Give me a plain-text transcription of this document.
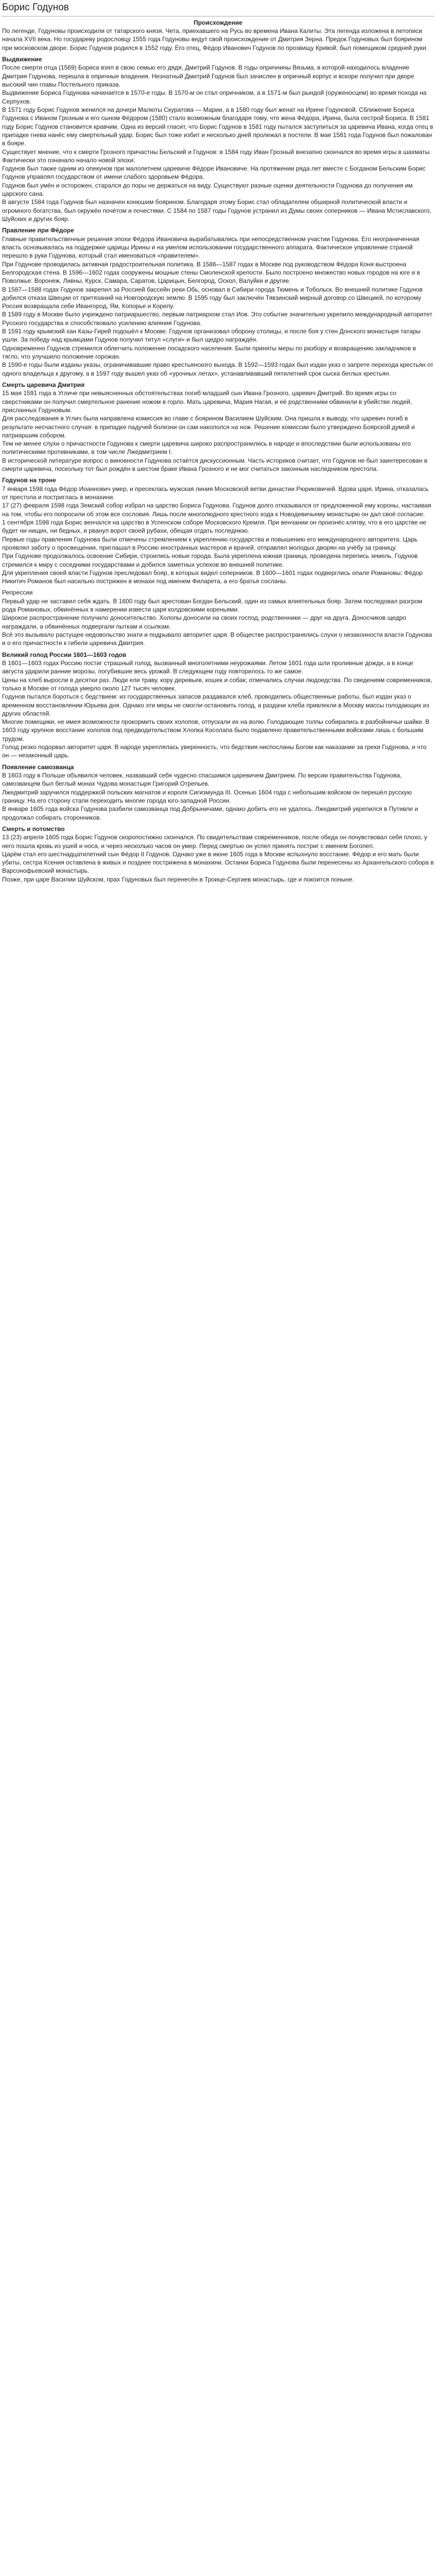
Борис Годунов
Происхождение

По легенде, Годуновы происходили от татарского князя. Чета, приехавшего на Русь во времена Ивана Калиты. Эта легенда изложена в летописи начала XVII века. Но государеву родословцу 1555 года Годуновы ведут свой происхождение от Дмитрия Зерна. Предок Годуновых был боярином при московском дворе. Борис Годунов родился в 1552 году. Его отец, Фёдор Иванович Годунов по прозвищу Кривой, был помещиком средней руки.

Выдвижение

После смерти отца (1569) Бориса взял в свою семью его дядя, Дмитрий Годунов. В годы опричнины Вязьма, в которой находилось владение Дмитрия Годунова, перешла в опричные владения. Незнатный Дмитрий Годунов был зачислен в опричный корпус и вскоре получил при дворе высокий чин главы Постельного приказа.

Выдвижение Бориса Годунова начинается в 1570-е годы. В 1570-м он стал опричником, а в 1571-м был рындой (оруженосцем) во время похода на Серпухов.

В 1571 году Борис Годунов женился на дочери Малюты Скуратова — Марии, а в 1580 году был женат на Ирине Годуновой. Сближение Бориса Годунова с Иваном Грозным и его сыном Фёдором (1580) стало возможным благодаря тому, что жена Фёдора, Ирина, была сестрой Бориса. В 1581 году Борис Годунов становится кравчим. Одна из версий гласит, что Борис Годунов в 1581 году пытался заступиться за царевича Ивана, когда отец в припадке гнева нанёс ему смертельный удар. Борис был тоже избит и несколько дней пролежал в постели. В мае 1581 года Годунов был пожалован в бояре.

Существует мнение, что к смерти Грозного причастны Бельский и Годунов: в 1584 году Иван Грозный внезапно скончался во время игры в шахматы. Фактически это означало начало новой эпохи.

Годунов был также одним из опекунов при малолетнем царевиче Фёдоре Ивановиче. На протяжении ряда лет вместе с Богданом Бельским Борис Годунов управлял государством от имени слабого здоровьем Фёдора.

Годунов был умён и осторожен, старался до поры не держаться на виду. Существуют разные оценки деятельности Годунова до получения им царского сана.

В августе 1584 года Годунов был назначен конюшим боярином. Благодаря этому Борис стал обладателем обширной политической власти и огромного богатства, был окружён почётом и почестями. С 1584 по 1587 годы Годунов устранил из Думы своих соперников — Ивана Мстиславского, Шуйских и других бояр.

Правление при Фёдоре

Главные правительственные решения эпохи Фёдора Ивановича вырабатывались при непосредственном участии Годунова. Его неограниченная власть основывалась на поддержке царицы Ирины и на умелом использовании государственного аппарата. Фактическое управление страной перешло в руки Годунова, который стал именоваться «правителем».

При Годунове проводилась активная градостроительная политика. В 1586—1587 годах в Москве под руководством Фёдора Коня выстроена Белгородская стена. В 1596—1602 годах сооружены мощные стены Смоленской крепости. Было построено множество новых городов на юге и в Поволжье: Воронеж, Ливны, Курск, Самара, Саратов, Царицын, Белгород, Оскол, Валуйки и другие.

В 1587—1588 годах Годунов закрепил за Россией бассейн реки Обь, основал в Сибири города Тюмень и Тобольск. Во внешней политике Годунов добился отказа Швеции от притязаний на Новгородскую землю. В 1595 году был заключён Тявзинский мирный договор со Швецией, по которому Россия возвращала себе Ивангород, Ям, Копорье и Корелу.

В 1589 году в Москве было учреждено патриаршество, первым патриархом стал Иов. Это событие значительно укрепило международный авторитет Русского государства и способствовало усилению влияния Годунова.

В 1591 году крымский хан Казы-Гирей подошёл к Москве. Годунов организовал оборону столицы, и после боя у стен Донского монастыря татары ушли. За победу над крымцами Годунов получил титул «слуги» и был щедро награждён.

Одновременно Годунов стремился облегчить положение посадского населения. Были приняты меры по разбору и возвращению закладчиков в тягло, что улучшило положение горожан.

В 1590-е годы были изданы указы, ограничивавшие право крестьянского выхода. В 1592—1593 годах был издан указ о запрете перехода крестьян от одного владельца к другому, а в 1597 году вышел указ об «урочных летах», устанавливавший пятилетний срок сыска беглых крестьян.

Смерть царевича Дмитрия

15 мая 1591 года в Угличе при невыясненных обстоятельствах погиб младший сын Ивана Грозного, царевич Дмитрий. Во время игры со сверстниками он получил смертельное ранение ножом в горло. Мать царевича, Мария Нагая, и её родственники обвинили в убийстве людей, присланных Годуновым.

Для расследования в Углич была направлена комиссия во главе с боярином Василием Шуйским. Она пришла к выводу, что царевич погиб в результате несчастного случая: в припадке падучей болезни он сам накололся на нож. Решение комиссии было утверждено Боярской думой и патриаршим собором.

Тем не менее слухи о причастности Годунова к смерти царевича широко распространились в народе и впоследствии были использованы его политическими противниками, в том числе Лжедмитрием I.

В исторической литературе вопрос о виновности Годунова остаётся дискуссионным. Часть историков считает, что Годунов не был заинтересован в смерти царевича, поскольку тот был рождён в шестом браке Ивана Грозного и не мог считаться законным наследником престола.

Годунов на троне

7 января 1598 года Фёдор Иоаннович умер, и пресеклась мужская линия Московской ветви династии Рюриковичей. Вдова царя, Ирина, отказалась от престола и постриглась в монахини.

17 (27) февраля 1598 года Земский собор избрал на царство Бориса Годунова. Годунов долго отказывался от предложенной ему короны, настаивая на том, чтобы его попросили об этом все сословия. Лишь после многолюдного крестного хода к Новодевичьему монастырю он дал своё согласие.

1 сентября 1598 года Борис венчался на царство в Успенском соборе Московского Кремля. При венчании он произнёс клятву, что в его царстве не будет ни нищих, ни бедных, и рванул ворот своей рубахи, обещая отдать последнюю.

Первые годы правления Годунова были отмечены стремлением к укреплению государства и повышению его международного авторитета. Царь проявлял заботу о просвещении, приглашал в Россию иностранных мастеров и врачей, отправлял молодых дворян на учёбу за границу.

При Годунове продолжалось освоение Сибири, строились новые города. Была укреплена южная граница, проведена перепись земель. Годунов стремился к миру с соседними государствами и добился заметных успехов во внешней политике.

Для укрепления своей власти Годунов преследовал бояр, в которых видел соперников. В 1600—1601 годах подверглись опале Романовы: Фёдор Никитич Романов был насильно пострижен в монахи под именем Филарета, а его братья сосланы.

Репрессии

Первый удар не заставил себя ждать. В 1600 году был арестован Богдан Бельский, один из самых влиятельных бояр. Затем последовал разгром рода Романовых, обвинённых в намерении извести царя колдовскими кореньями.

Широкое распространение получило доносительство. Холопы доносили на своих господ, родственники — друг на друга. Доносчиков щедро награждали, а обвинённых подвергали пыткам и ссылкам.

Всё это вызывало растущее недовольство знати и подрывало авторитет царя. В обществе распространялись слухи о незаконности власти Годунова и о его причастности к гибели царевича Дмитрия.

Великий голод России 1601—1603 годов

В 1601—1603 годах Россию постиг страшный голод, вызванный многолетними неурожаями. Летом 1601 года шли проливные дожди, а в конце августа ударили ранние морозы, погубившие весь урожай. В следующем году повторилось то же самое.

Цены на хлеб выросли в десятки раз. Люди ели траву, кору деревьев, кошек и собак; отмечались случаи людоедства. По сведениям современников, только в Москве от голода умерло около 127 тысяч человек.

Годунов пытался бороться с бедствием: из государственных запасов раздавался хлеб, проводились общественные работы, был издан указ о временном восстановлении Юрьева дня. Однако эти меры не смогли остановить голод, а раздачи хлеба привлекли в Москву массы голодающих из других областей.

Многие помещики, не имея возможности прокормить своих холопов, отпускали их на волю. Голодающие толпы собирались в разбойничьи шайки. В 1603 году крупное восстание холопов под предводительством Хлопка Косолапа было подавлено правительственными войсками лишь с большим трудом.

Голод резко подорвал авторитет царя. В народе укреплялась уверенность, что бедствия ниспосланы Богом как наказание за грехи Годунова, и что он — незаконный царь.

Появление самозванца

В 1603 году в Польше объявился человек, назвавший себя чудесно спасшимся царевичем Дмитрием. По версии правительства Годунова, самозванцем был беглый монах Чудова монастыря Григорий Отрепьев.

Лжедмитрий заручился поддержкой польских магнатов и короля Сигизмунда III. Осенью 1604 года с небольшим войском он перешёл русскую границу. На его сторону стали переходить многие города юго-западной России.

В январе 1605 года войска Годунова разбили самозванца под Добрыничами, однако добить его не удалось. Лжедмитрий укрепился в Путивле и продолжал собирать сторонников.

Смерть и потомство

13 (23) апреля 1605 года Борис Годунов скоропостижно скончался. По свидетельствам современников, после обеда он почувствовал себя плохо, у него пошла кровь из ушей и носа, и через несколько часов он умер. Перед смертью он успел принять постриг с именем Боголеп.

Царём стал его шестнадцатилетний сын Фёдор II Годунов. Однако уже в июне 1605 года в Москве вспыхнуло восстание. Фёдор и его мать были убиты, сестра Ксения оставлена в живых и позднее пострижена в монахини. Останки Бориса Годунова были перенесены из Архангельского собора в Варсонофьевский монастырь.

Позже, при царе Василии Шуйском, прах Годуновых был перенесён в Троице-Сергиев монастырь, где и покоится поныне.
